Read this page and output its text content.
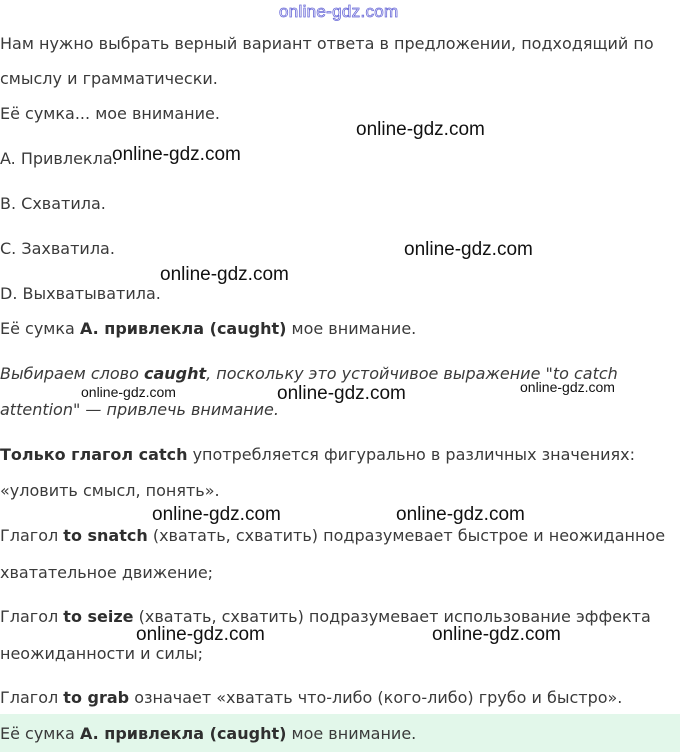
online-gdz.com
Нам нужно выбрать верный вариант ответа в предложении, подходящий по
смыслу и грамматически.
Её сумка... мое внимание.
A. Привлекла.
B. Схватила.
C. Захватила.
D. Выхватыватила.
Её сумка A. привлекла (caught) мое внимание.
Выбираем слово caught, поскольку это устойчивое выражение "to catch
attention" — привлечь внимание.
Только глагол catch употребляется фигурально в различных значениях:
«уловить смысл, понять».
Глагол to snatch (хватать, схватить) подразумевает быстрое и неожиданное
хватательное движение;
Глагол to seize (хватать, схватить) подразумевает использование эффекта
неожиданности и силы;
Глагол to grab означает «хватать что-либо (кого-либо) грубо и быстро».
Её сумка A. привлекла (caught) мое внимание.
online-gdz.com
online-gdz.com
online-gdz.com
online-gdz.com
online-gdz.com	online-gdz.com	online-gdz.com
online-gdz.com	online-gdz.com
online-gdz.com	online-gdz.com
